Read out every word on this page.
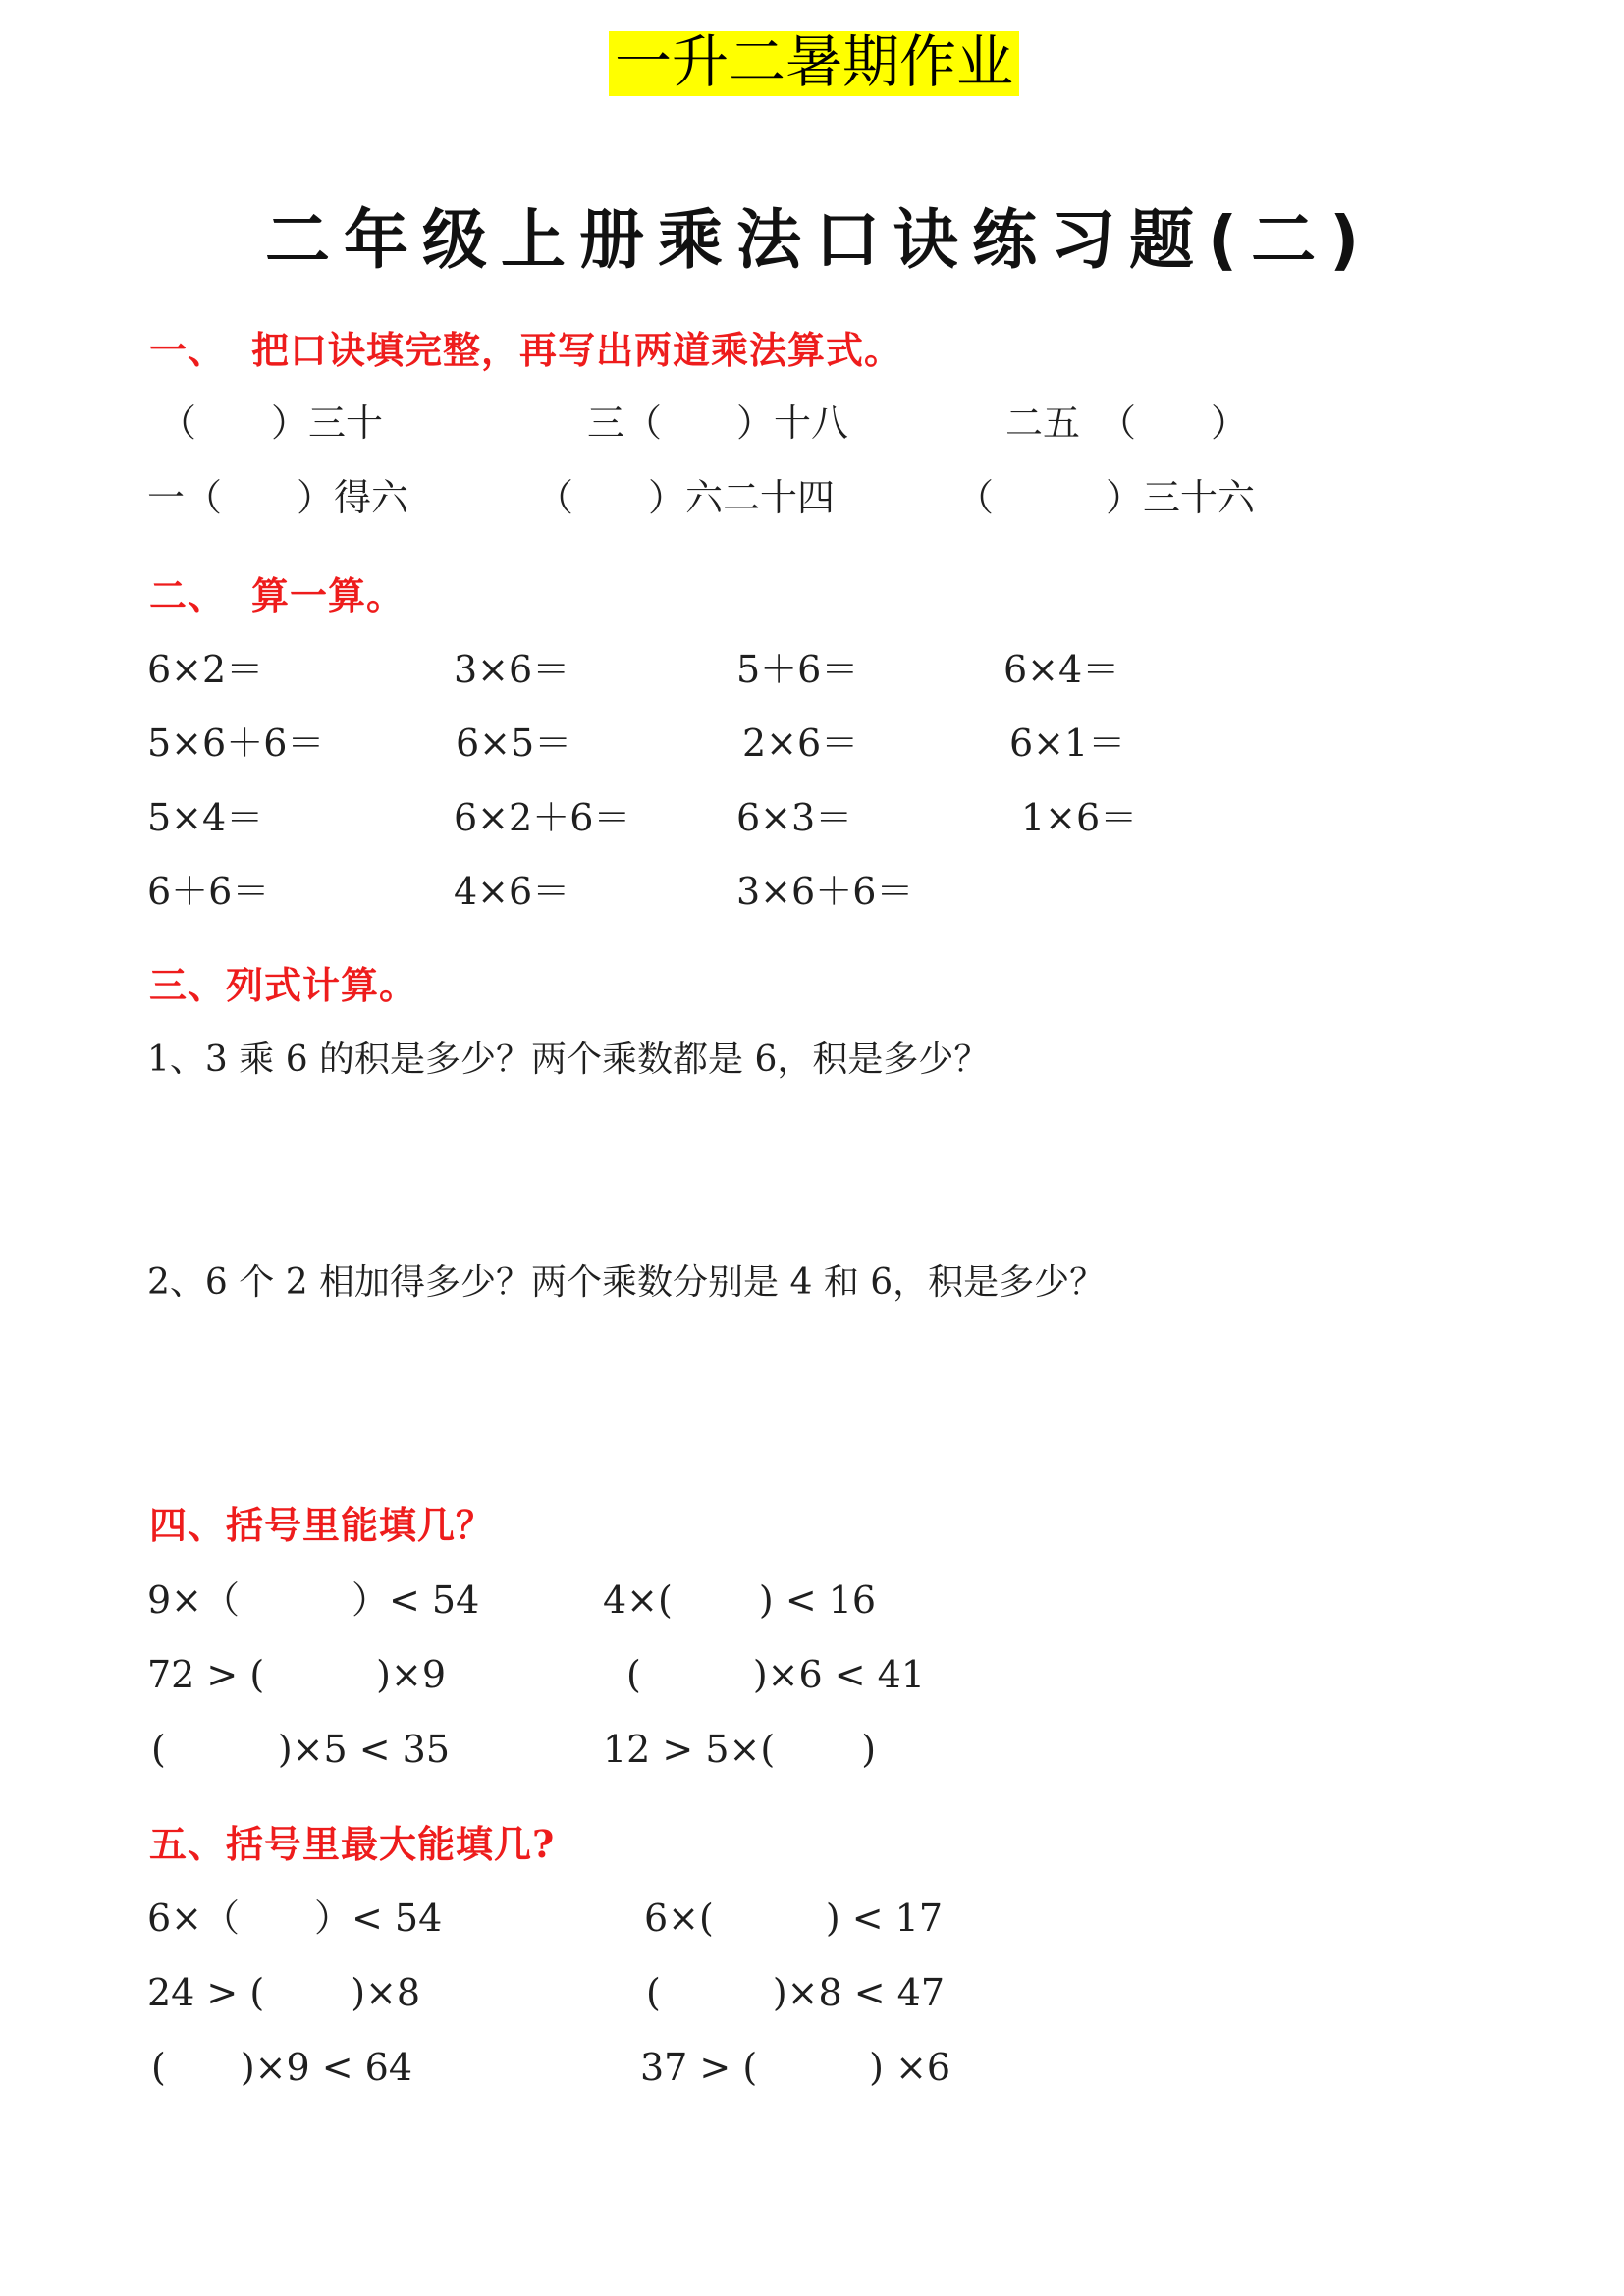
一升二暑期作业
二年级上册乘法口诀练习题(二)
一、 把口诀填完整，再写出两道乘法算式。
（　　）三十	三（　　）十八	二五　（　　）
一（　　）得六	（　　）六二十四	（　　　）三十六
二、 算一算。
6×2＝	3×6＝	5＋6＝	6×4＝
5×6＋6＝	6×5＝	2×6＝	6×1＝
5×4＝	6×2＋6＝	6×3＝	1×6＝
6＋6＝	4×6＝	3×6＋6＝
三、列式计算。
1、3 乘 6 的积是多少？两个乘数都是 6，积是多少？
2、6 个 2 相加得多少？两个乘数分别是 4 和 6，积是多少？
四、括号里能填几？
9×（　　　）< 54	4×(　　 ) < 16
72 > (　　　)×9	(　　　)×6 < 41
(　　　)×5 < 35	12 > 5×(　　 )
五、括号里最大能填几?
6×（　　）< 54	6×(　　　) < 17
24 > (　　 )×8	(　　　)×8 < 47
(　　)×9 < 64	37 > (　　　) ×6
